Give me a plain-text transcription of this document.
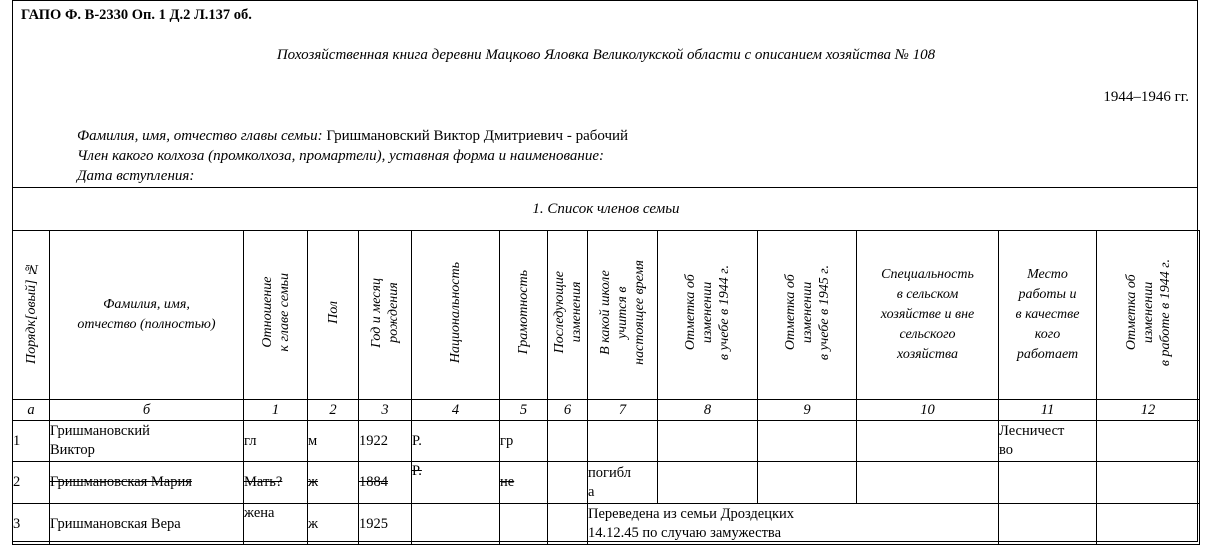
ГАПО Ф. В-2330 Оп. 1 Д.2 Л.137 об.
Похозяйственная книга деревни Мацково Яловка Великолукской области с описанием хозяйства № 108
1944–1946 гг.
Фамилия, имя, отчество главы семьи: Гришмановский Виктор Дмитриевич - рабочий
Член какого колхоза (промколхоза, промартели), уставная форма и наименование:
Дата вступления:
1. Список членов семьи
Порядк[овый] №	Фамилия, имя,
отчество (полностью)	Отношение
к главе семьи	Пол	Год и месяц
рождения	Национальность	Грамотность	Последующие
изменения	В какой школе
учится в
настоящее время	Отметка об
изменении
в учебе в 1944 г.	Отметка об
изменении
в учебе в 1945 г.	Специальность
в сельском
хозяйстве и вне
сельского
хозяйства	Место
работы и
в качестве
кого
работает	Отметка об
изменении
в работе в 1944 г.	
а	б	1	2	3	4	5	6	7	8	9	10	11	12	
1	Гришмановский
Виктор	гл	м	1922	Р.	гр						Лесничест
во		
2	Гришмановская Мария	Мать?	ж	1884	Р.	не		погибл
а						
3	Гришмановская Вера	жена	ж	1925				Переведена из семьи Дроздецких
14.12.45 по случаю замужества						
